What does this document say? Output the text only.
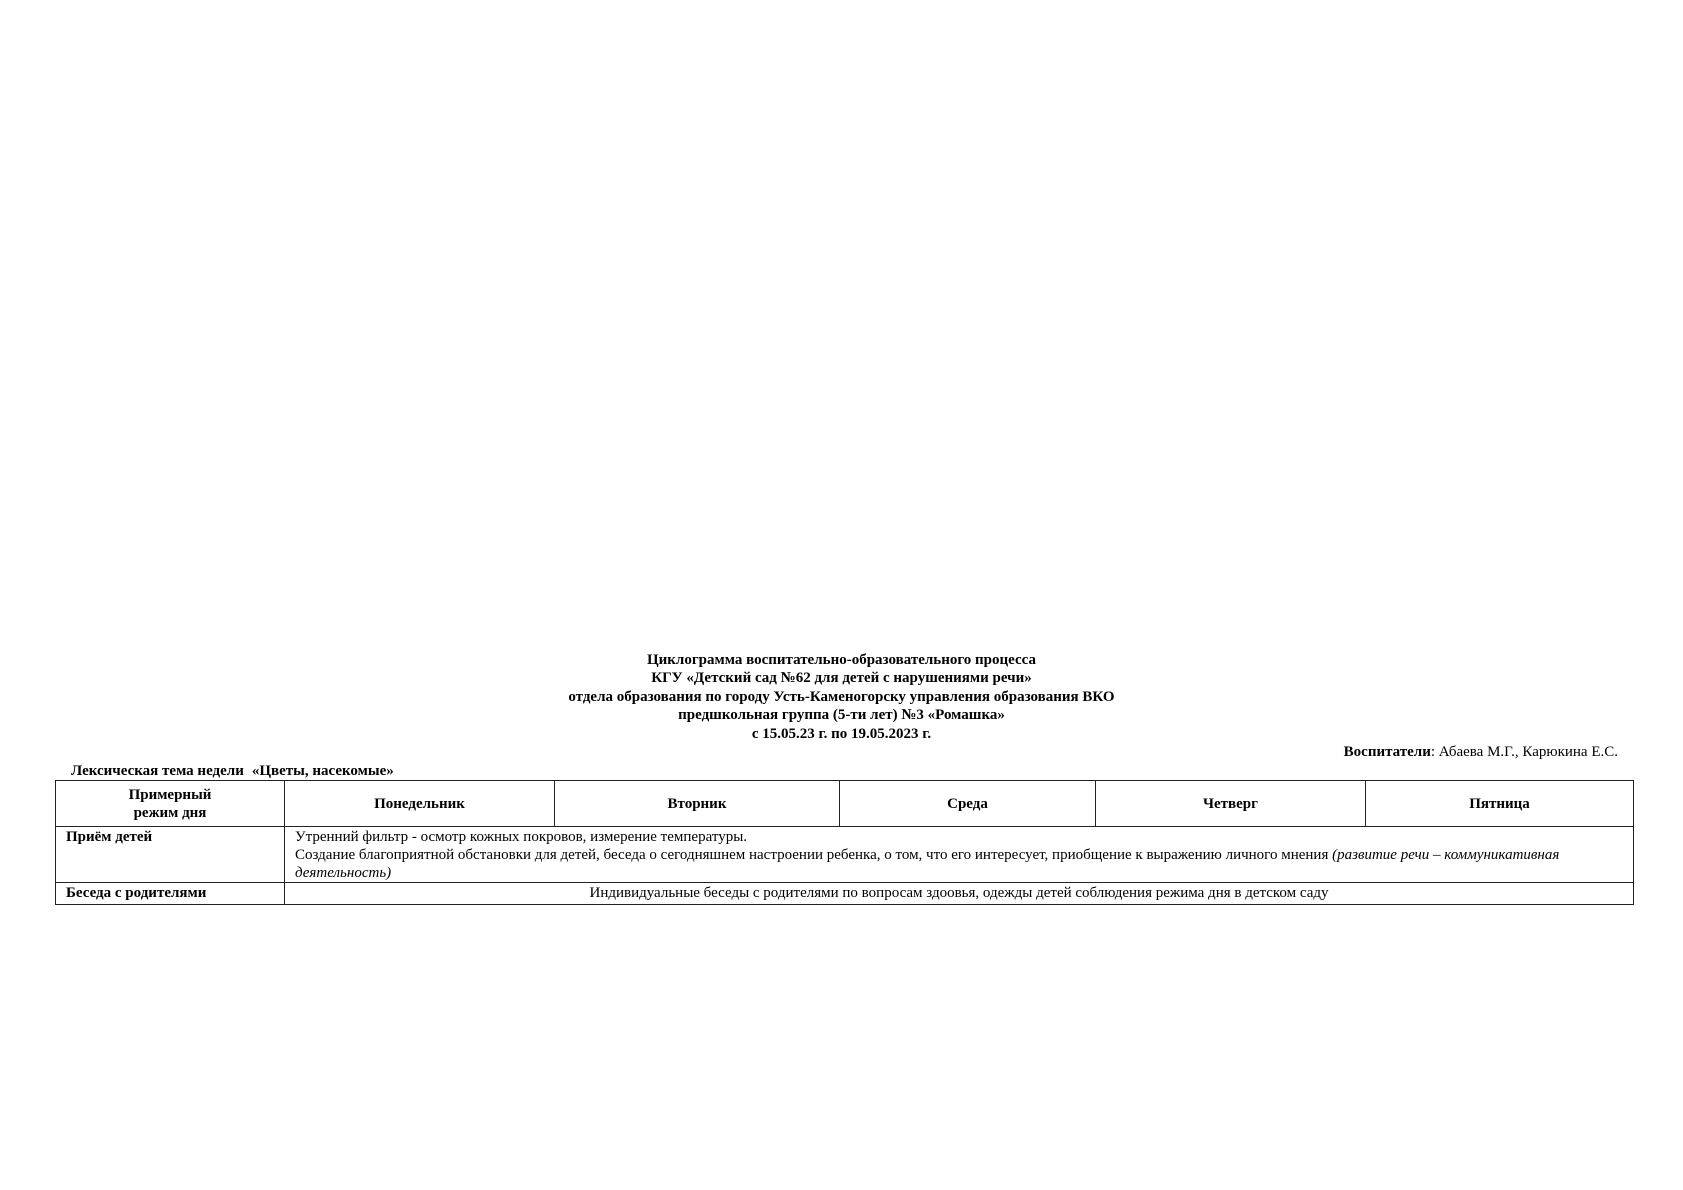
Циклограмма воспитательно-образовательного процесса
КГУ «Детский сад №62 для детей с нарушениями речи»
отдела образования по городу Усть-Каменогорску управления образования ВКО
предшкольная группа (5-ти лет) №3 «Ромашка»
с 15.05.23 г. по 19.05.2023 г.
Воспитатели: Абаева М.Г., Карюкина Е.С.
Лексическая тема недели «Цветы, насекомые»
Примерный
режим дня	Понедельник	Вторник	Среда	Четверг	Пятница
Приём детей	Утренний фильтр - осмотр кожных покровов, измерение температуры.
Создание благоприятной обстановки для детей, беседа о сегодняшнем настроении ребенка, о том, что его интересует, приобщение к выражению личного мнения (развитие речи – коммуникативная деятельность)				

Беседа с родителями	Индивидуальные беседы с родителями по вопросам здоовья, одежды детей соблюдения режима дня в детском саду				
